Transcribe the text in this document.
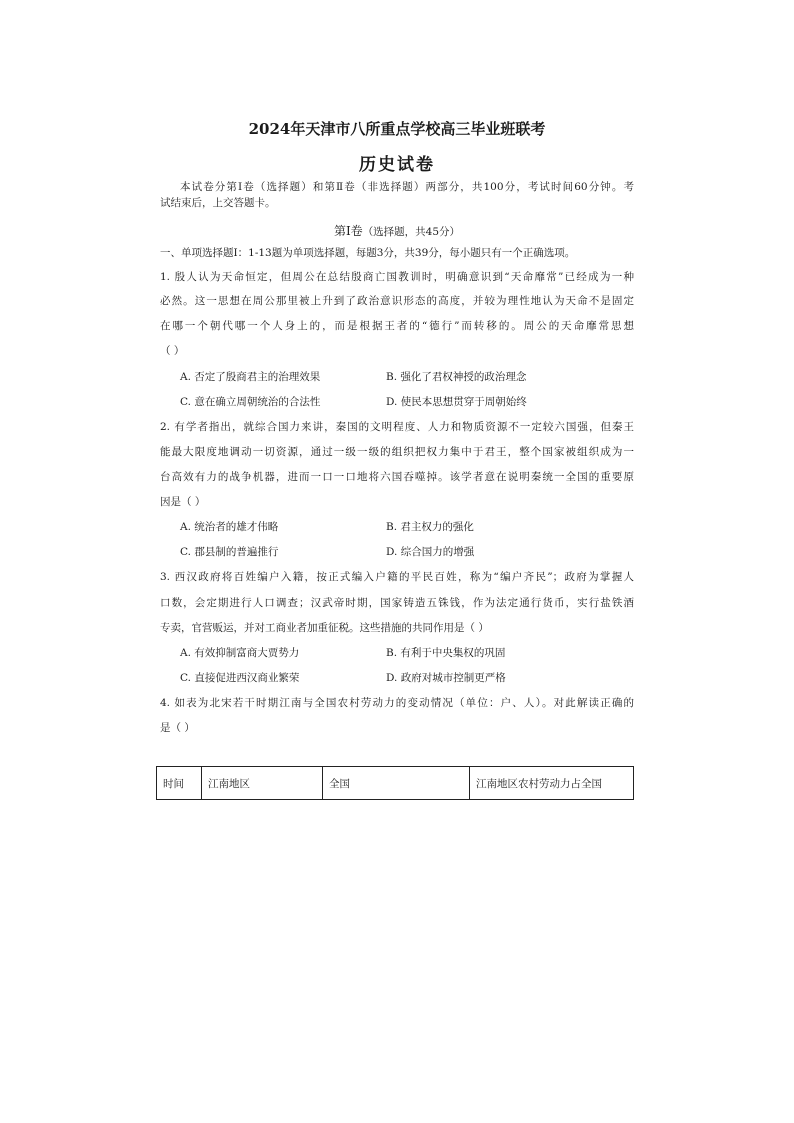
2024年天津市八所重点学校高三毕业班联考
历史试卷
本试卷分第Ⅰ卷（选择题）和第Ⅱ卷（非选择题）两部分，共100分，考试时间60分钟。考
试结束后，上交答题卡。
第Ⅰ卷（选择题，共45分）
一、单项选择题Ⅰ：1-13题为单项选择题，每题3分，共39分，每小题只有一个正确选项。
1. 殷人认为天命恒定，但周公在总结殷商亡国教训时，明确意识到“天命靡常”已经成为一种
必然。这一思想在周公那里被上升到了政治意识形态的高度，并较为理性地认为天命不是固定
在哪一个朝代哪一个人身上的，而是根据王者的“德行”而转移的。周公的天命靡常思想
（ ）
A. 否定了殷商君主的治理效果	B. 强化了君权神授的政治理念
C. 意在确立周朝统治的合法性	D. 使民本思想贯穿于周朝始终
2. 有学者指出，就综合国力来讲，秦国的文明程度、人力和物质资源不一定较六国强，但秦王
能最大限度地调动一切资源，通过一级一级的组织把权力集中于君王，整个国家被组织成为一
台高效有力的战争机器，进而一口一口地将六国吞噬掉。该学者意在说明秦统一全国的重要原
因是（ ）
A. 统治者的雄才伟略	B. 君主权力的强化
C. 郡县制的普遍推行	D. 综合国力的增强
3. 西汉政府将百姓编户入籍，按正式编入户籍的平民百姓，称为“编户齐民”；政府为掌握人
口数，会定期进行人口调查；汉武帝时期，国家铸造五铢钱，作为法定通行货币，实行盐铁酒
专卖，官营贩运，并对工商业者加重征税。这些措施的共同作用是（ ）
A. 有效抑制富商大贾势力	B. 有利于中央集权的巩固
C. 直接促进西汉商业繁荣	D. 政府对城市控制更严格
4. 如表为北宋若干时期江南与全国农村劳动力的变动情况（单位：户、人）。对此解读正确的
是（ ）
时间	江南地区	全国	江南地区农村劳动力占全国
